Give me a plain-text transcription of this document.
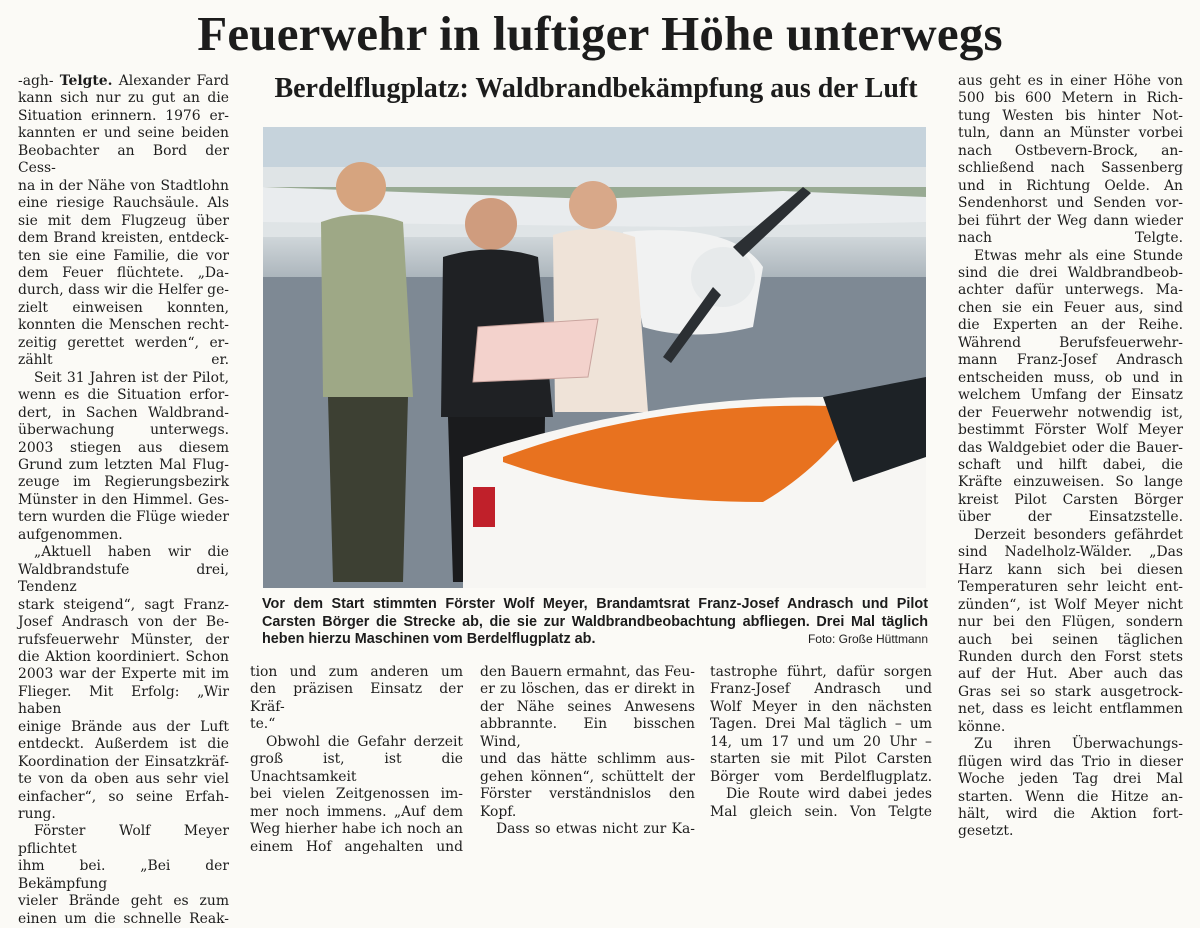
Feuerwehr in luftiger Höhe unterwegs
Berdelflugplatz: Waldbrandbekämpfung aus der Luft

-agh- Telgte. Alexander Fard
kann sich nur zu gut an die
Situation erinnern. 1976 er-
kannten er und seine beiden
Beobachter an Bord der Cess-
na in der Nähe von Stadtlohn
eine riesige Rauchsäule. Als
sie mit dem Flugzeug über
dem Brand kreisten, entdeck-
ten sie eine Familie, die vor
dem Feuer flüchtete. „Da-
durch, dass wir die Helfer ge-
zielt einweisen konnten,
konnten die Menschen recht-
zeitig gerettet werden“, er-
zählt er.

Seit 31 Jahren ist der Pilot,
wenn es die Situation erfor-
dert, in Sachen Waldbrand-
überwachung unterwegs.
2003 stiegen aus diesem
Grund zum letzten Mal Flug-
zeuge im Regierungsbezirk
Münster in den Himmel. Ges-
tern wurden die Flüge wieder
aufgenommen.

„Aktuell haben wir die
Waldbrandstufe drei, Tendenz
stark steigend“, sagt Franz-
Josef Andrasch von der Be-
rufsfeuerwehr Münster, der
die Aktion koordiniert. Schon
2003 war der Experte mit im
Flieger. Mit Erfolg: „Wir haben
einige Brände aus der Luft
entdeckt. Außerdem ist die
Koordination der Einsatzkräf-
te von da oben aus sehr viel
einfacher“, so seine Erfah-
rung.

Förster Wolf Meyer pflichtet
ihm bei. „Bei der Bekämpfung
vieler Brände geht es zum
einen um die schnelle Reak-

Vor dem Start stimmten Förster Wolf Meyer, Brandamtsrat Franz-Josef Andrasch und Pilot Carsten Börger die Strecke ab, die sie zur Waldbrandbeobachtung abfliegen. Drei Mal täglich heben hierzu Maschinen vom Berdelflugplatz ab.	Foto: Große Hüttmann

tion und zum anderen um
den präzisen Einsatz der Kräf-
te.“

Obwohl die Gefahr derzeit
groß ist, ist die Unachtsamkeit
bei vielen Zeitgenossen im-
mer noch immens. „Auf dem
Weg hierher habe ich noch an
einem Hof angehalten und

den Bauern ermahnt, das Feu-
er zu löschen, das er direkt in
der Nähe seines Anwesens
abbrannte. Ein bisschen Wind,
und das hätte schlimm aus-
gehen können“, schüttelt der
Förster verständnislos den
Kopf.

Dass so etwas nicht zur Ka-

tastrophe führt, dafür sorgen
Franz-Josef Andrasch und
Wolf Meyer in den nächsten
Tagen. Drei Mal täglich – um
14, um 17 und um 20 Uhr –
starten sie mit Pilot Carsten
Börger vom Berdelflugplatz.

Die Route wird dabei jedes
Mal gleich sein. Von Telgte

aus geht es in einer Höhe von
500 bis 600 Metern in Rich-
tung Westen bis hinter Not-
tuln, dann an Münster vorbei
nach Ostbevern-Brock, an-
schließend nach Sassenberg
und in Richtung Oelde. An
Sendenhorst und Senden vor-
bei führt der Weg dann wieder
nach Telgte.

Etwas mehr als eine Stunde
sind die drei Waldbrandbeob-
achter dafür unterwegs. Ma-
chen sie ein Feuer aus, sind
die Experten an der Reihe.
Während Berufsfeuerwehr-
mann Franz-Josef Andrasch
entscheiden muss, ob und in
welchem Umfang der Einsatz
der Feuerwehr notwendig ist,
bestimmt Förster Wolf Meyer
das Waldgebiet oder die Bauer-
schaft und hilft dabei, die
Kräfte einzuweisen. So lange
kreist Pilot Carsten Börger
über der Einsatzstelle.

Derzeit besonders gefährdet
sind Nadelholz-Wälder. „Das
Harz kann sich bei diesen
Temperaturen sehr leicht ent-
zünden“, ist Wolf Meyer nicht
nur bei den Flügen, sondern
auch bei seinen täglichen
Runden durch den Forst stets
auf der Hut. Aber auch das
Gras sei so stark ausgetrock-
net, dass es leicht entflammen
könne.

Zu ihren Überwachungs-
flügen wird das Trio in dieser
Woche jeden Tag drei Mal
starten. Wenn die Hitze an-
hält, wird die Aktion fort-
gesetzt.
